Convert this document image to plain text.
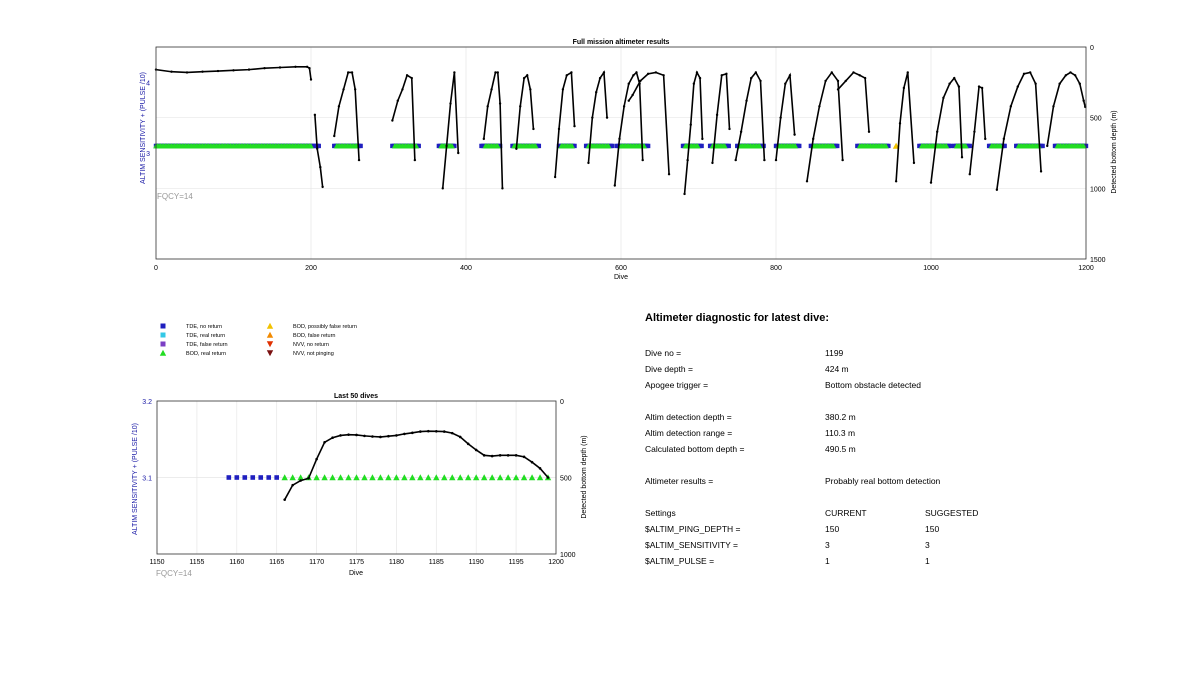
Full mission altimeter results
ALTIM SENSITIVITY + (PULSE /10)	Detected bottom depth (m)
Dive
FQCY=14
0	200	400	600	800	1000	1200
0
500
1000
1500
4
3
TDE, no return
TDE, real return
TDE, false return
BOD, real return
BOD, possibly false return
BOD, false return
NVV, no return
NVV, not pinging
Last 50 dives
ALTIM SENSITIVITY + (PULSE /10)	Detected bottom depth (m)
Dive
FQCY=14
1150	1155	1160	1165	1170	1175	1180	1185	1190	1195	1200
0
500
1000
3.2
3.1
Altimeter diagnostic for latest dive:
Dive no =	1199
Dive depth =	424 m
Apogee trigger =	Bottom obstacle detected
Altim detection depth =	380.2 m
Altim detection range =	110.3 m
Calculated bottom depth =	490.5 m
Altimeter results =	Probably real bottom detection
Settings	CURRENT	SUGGESTED
$ALTIM_PING_DEPTH =	150	150
$ALTIM_SENSITIVITY =	3	3
$ALTIM_PULSE =	1	1
